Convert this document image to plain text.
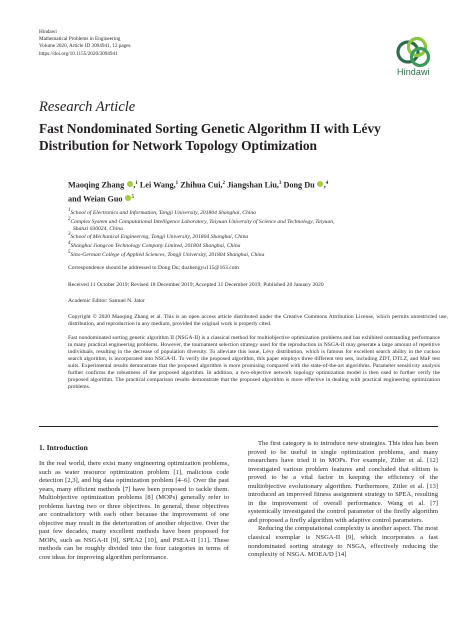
Hindawi
Mathematical Problems in Engineering
Volume 2020, Article ID 3094941, 12 pages
https://doi.org/10.1155/2020/3094941
Hindawi
Research Article
Fast Nondominated Sorting Genetic Algorithm II with Lévy Distribution for Network Topology Optimization
Maoqing Zhang ,$^1$ Lei Wang,$^1$ Zhihua Cui,$^2$ Jiangshan Liu,$^3$ Dong Du ,$^4$
and Weian Guo $^5$
$^1$School of Electronics and Information, Tongji University, 201804 Shanghai, China
$^2$Complex System and Computational Intelligence Laboratory, Taiyuan University of Science and Technology, Taiyuan,
Shanxi 030024, China
$^3$School of Mechanical Engineering, Tongji University, 201804 Shanghai, China
$^4$Shanghai Jiangcon Technology Company Limited, 201804 Shanghai, China
$^5$Sino-German College of Applied Sciences, Tongji University, 201804 Shanghai, China
Correspondence should be addressed to Dong Du; duzhengyu115@163.com
Received 11 October 2019; Revised 18 December 2019; Accepted 31 December 2019; Published 20 January 2020
Academic Editor: Samuel N. Jator
Copyright © 2020 Maoqing Zhang et al. This is an open access article distributed under the Creative Commons Attribution License, which permits unrestricted use, distribution, and reproduction in any medium, provided the original work is properly cited.
Fast nondominated sorting genetic algorithm II (NSGA-II) is a classical method for multiobjective optimization problems and has exhibited outstanding performance in many practical engineering problems. However, the tournament selection strategy used for the reproduction in NSGA-II may generate a large amount of repetitive individuals, resulting in the decrease of population diversity. To alleviate this issue, Lévy distribution, which is famous for excellent search ability in the cuckoo search algorithm, is incorporated into NSGA-II. To verify the proposed algorithm, this paper employs three different test sets, including ZDT, DTLZ, and MaF test suits. Experimental results demonstrate that the proposed algorithm is more promising compared with the state-of-the-art algorithms. Parameter sensitivity analysis further confirms the robustness of the proposed algorithm. In addition, a two-objective network topology optimization model is then used to further verify the proposed algorithm. The practical comparison results demonstrate that the proposed algorithm is more effective in dealing with practical engineering optimization problems.
1. Introduction

In the real world, there exist many engineering optimization problems, such as water resource optimization problem [1], malicious code detection [2,3], and big data optimization problem [4–6]. Over the past years, many efficient methods [7] have been proposed to tackle them. Multiobjective optimization problems [8] (MOPs) generally refer to problems having two or three objectives. In general, these objectives are contradictory with each other because the improvement of one objective may result in the deterioration of another objective. Over the past few decades, many excellent methods have been proposed for MOPs, such as NSGA-II [9], SPEA2 [10], and PSEA-II [11]. These methods can be roughly divided into the four categories in terms of core ideas for improving algorithm performance.

The first category is to introduce new strategies. This idea has been proved to be useful in single optimization problems, and many researchers have tried it in MOPs. For example, Zitler et al. [12] investigated various problem features and concluded that elitism is proved to be a vital factor in keeping the efficiency of the multiobjective evolutionary algorithm. Furthermore, Zitler et al. [13] introduced an improved fitness assignment strategy to SPEA, resulting in the improvement of overall performance. Wang et al. [7] systemically investigated the control parameter of the firefly algorithm and proposed a firefly algorithm with adaptive control parameters.

Reducing the computational complexity is another aspect. The most classical exemplar is NSGA-II [9], which incorporates a fast nondominated sorting strategy to NSGA, effectively reducing the complexity of NSGA. MOEA/D [14]
